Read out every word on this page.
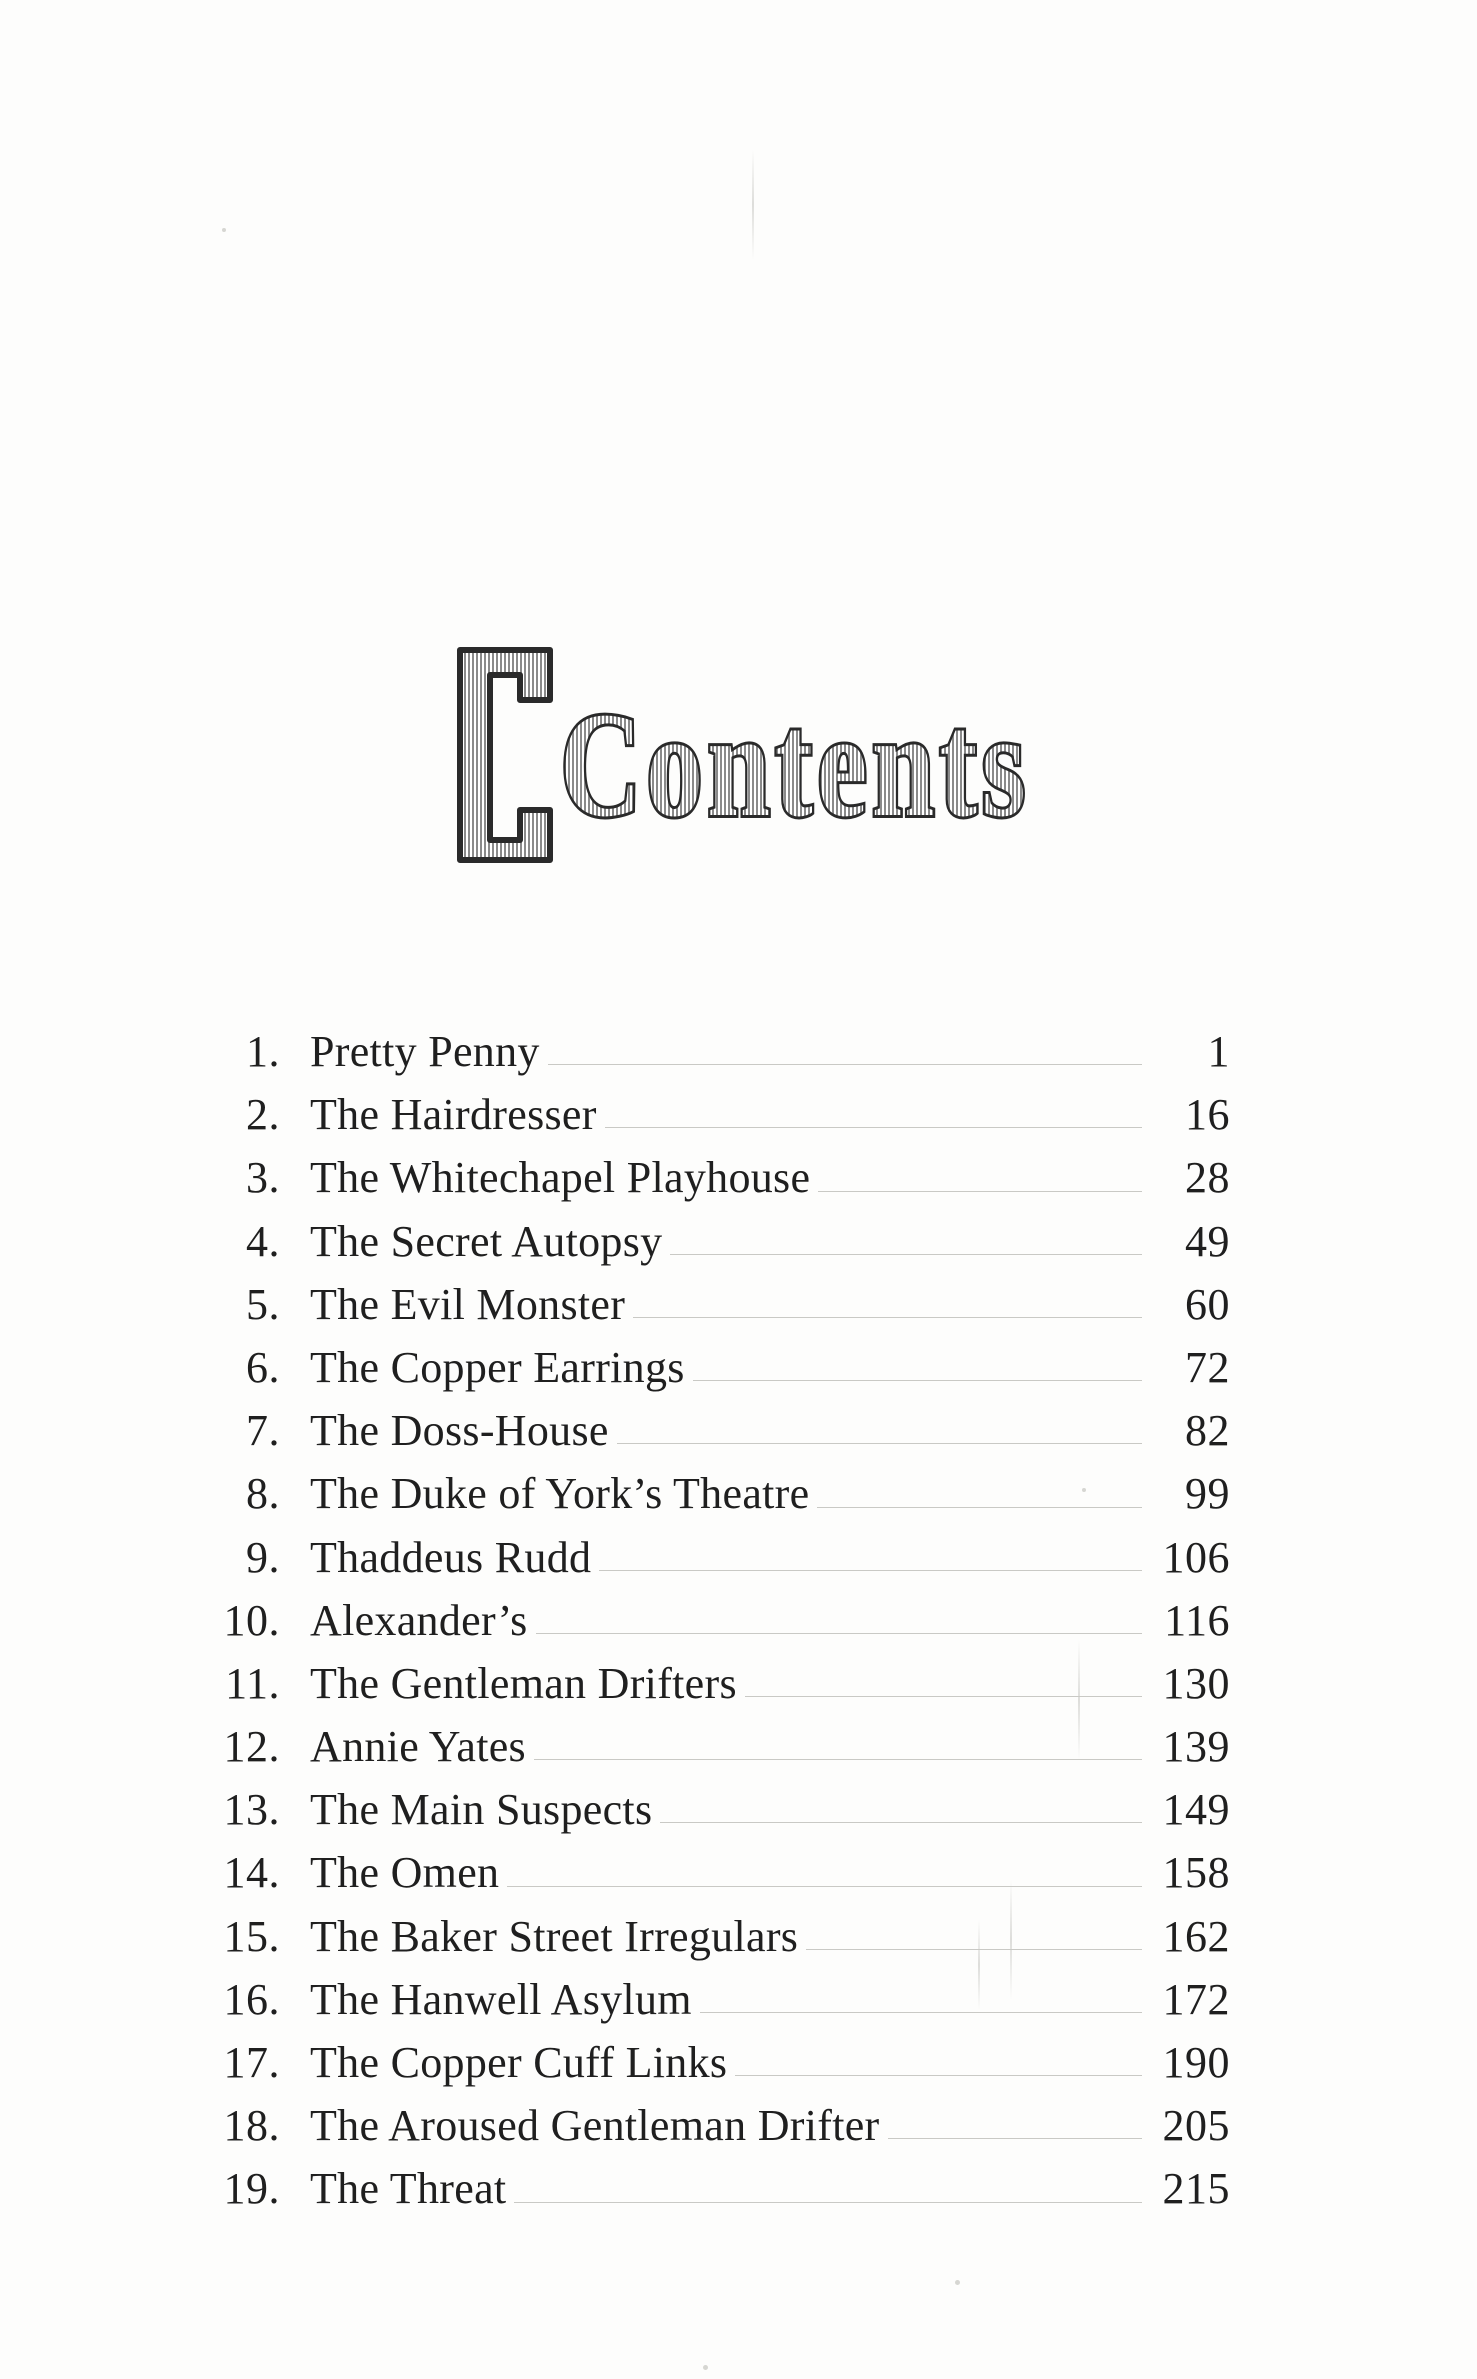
Contents
Contents
1. Pretty Penny	1
2. The Hairdresser	16
3. The Whitechapel Playhouse	28
4. The Secret Autopsy	49
5. The Evil Monster	60
6. The Copper Earrings	72
7. The Doss-House	82
8. The Duke of York’s Theatre	99
9. Thaddeus Rudd	106
10. Alexander’s	116
11. The Gentleman Drifters	130
12. Annie Yates	139
13. The Main Suspects	149
14. The Omen	158
15. The Baker Street Irregulars	162
16. The Hanwell Asylum	172
17. The Copper Cuff Links	190
18. The Aroused Gentleman Drifter	205
19. The Threat	215
